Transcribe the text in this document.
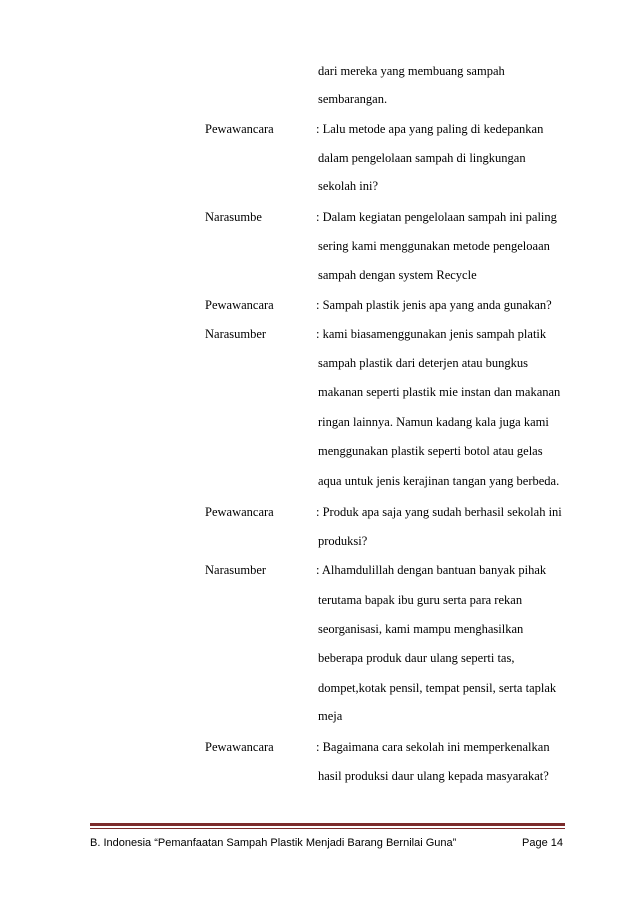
dari mereka yang membuang sampah
sembarangan.
Pewawancara	: Lalu metode apa yang paling di kedepankan
dalam pengelolaan sampah di lingkungan
sekolah ini?
Narasumbe	: Dalam kegiatan pengelolaan sampah ini paling
sering kami menggunakan metode pengeloaan
sampah dengan system Recycle
Pewawancara	: Sampah plastik jenis apa yang anda gunakan?
Narasumber	: kami biasamenggunakan jenis sampah platik
sampah plastik dari deterjen atau bungkus
makanan seperti plastik mie instan dan makanan
ringan lainnya. Namun kadang kala juga kami
menggunakan plastik seperti botol atau gelas
aqua untuk jenis kerajinan tangan yang berbeda.
Pewawancara	: Produk apa saja yang sudah berhasil sekolah ini
produksi?
Narasumber	: Alhamdulillah dengan bantuan banyak pihak
terutama bapak ibu guru serta para rekan
seorganisasi, kami mampu menghasilkan
beberapa produk daur ulang seperti tas,
dompet,kotak pensil, tempat pensil, serta taplak
meja
Pewawancara	: Bagaimana cara sekolah ini memperkenalkan
hasil produksi daur ulang kepada masyarakat?
B. Indonesia “Pemanfaatan Sampah Plastik Menjadi Barang Bernilai Guna”	Page 14
